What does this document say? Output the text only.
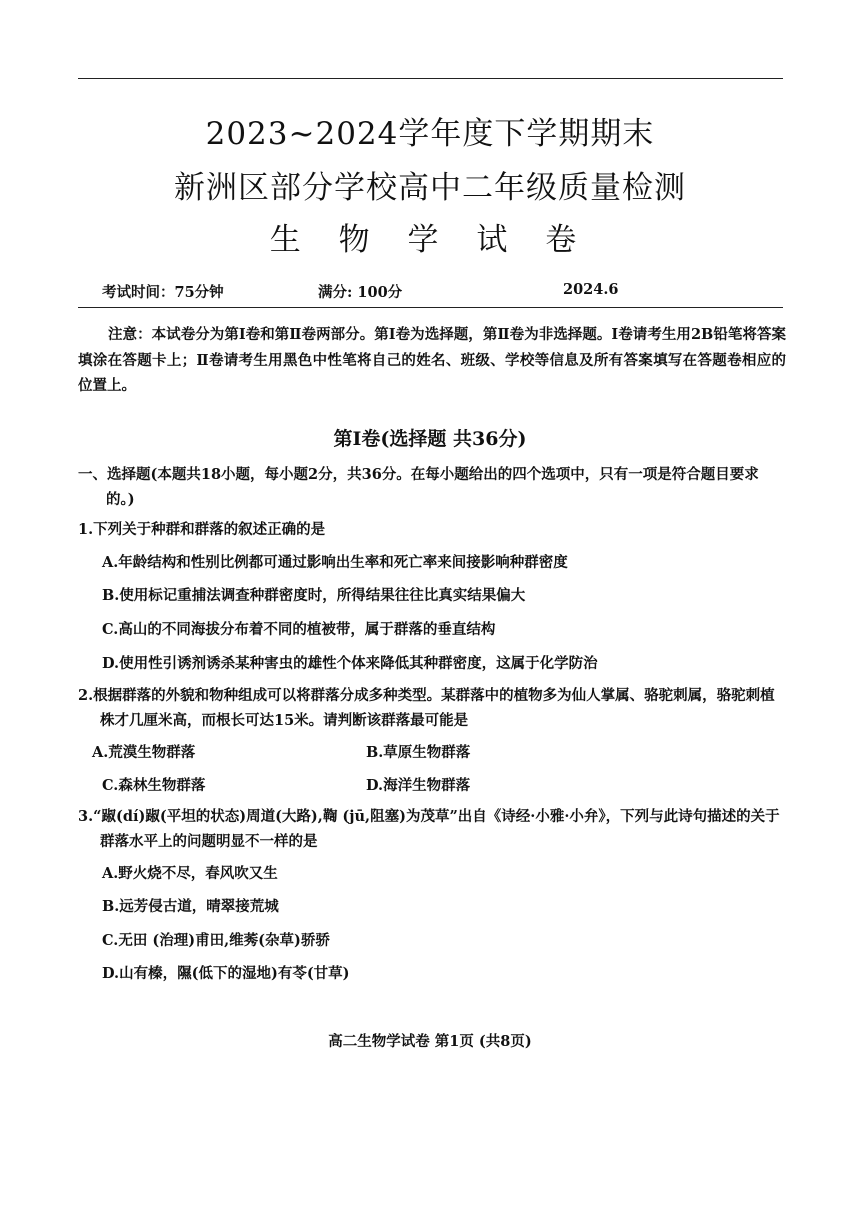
2023~2024学年度下学期期末
新洲区部分学校高中二年级质量检测
生 物 学 试 卷
考试时间：75分钟	满分: 100分	2024.6
注意：本试卷分为第Ⅰ卷和第Ⅱ卷两部分。第Ⅰ卷为选择题，第Ⅱ卷为非选择题。Ⅰ卷请考生用2B铅笔将答案填涂在答题卡上；Ⅱ卷请考生用黑色中性笔将自己的姓名、班级、学校等信息及所有答案填写在答题卷相应的位置上。
第Ⅰ卷(选择题 共36分)
一、选择题(本题共18小题，每小题2分，共36分。在每小题给出的四个选项中，只有一项是符合题目要求的。)
1.下列关于种群和群落的叙述正确的是
A.年龄结构和性别比例都可通过影响出生率和死亡率来间接影响种群密度
B.使用标记重捕法调查种群密度时，所得结果往往比真实结果偏大
C.高山的不同海拔分布着不同的植被带，属于群落的垂直结构
D.使用性引诱剂诱杀某种害虫的雄性个体来降低其种群密度，这属于化学防治
2.根据群落的外貌和物种组成可以将群落分成多种类型。某群落中的植物多为仙人掌属、骆驼刺属，骆驼刺植株才几厘米高，而根长可达15米。请判断该群落最可能是
A.荒漠生物群落	B.草原生物群落
C.森林生物群落	D.海洋生物群落
3.“踧(dí)踧(平坦的状态)周道(大路),鞫 (jū,阻塞)为茂草”出自《诗经·小雅·小弁》，下列与此诗句描述的关于群落水平上的问题明显不一样的是
A.野火烧不尽，春风吹又生
B.远芳侵古道，晴翠接荒城
C.无田 (治理)甫田,维莠(杂草)骄骄
D.山有榛，隰(低下的湿地)有苓(甘草)
高二生物学试卷 第1页 (共8页)
